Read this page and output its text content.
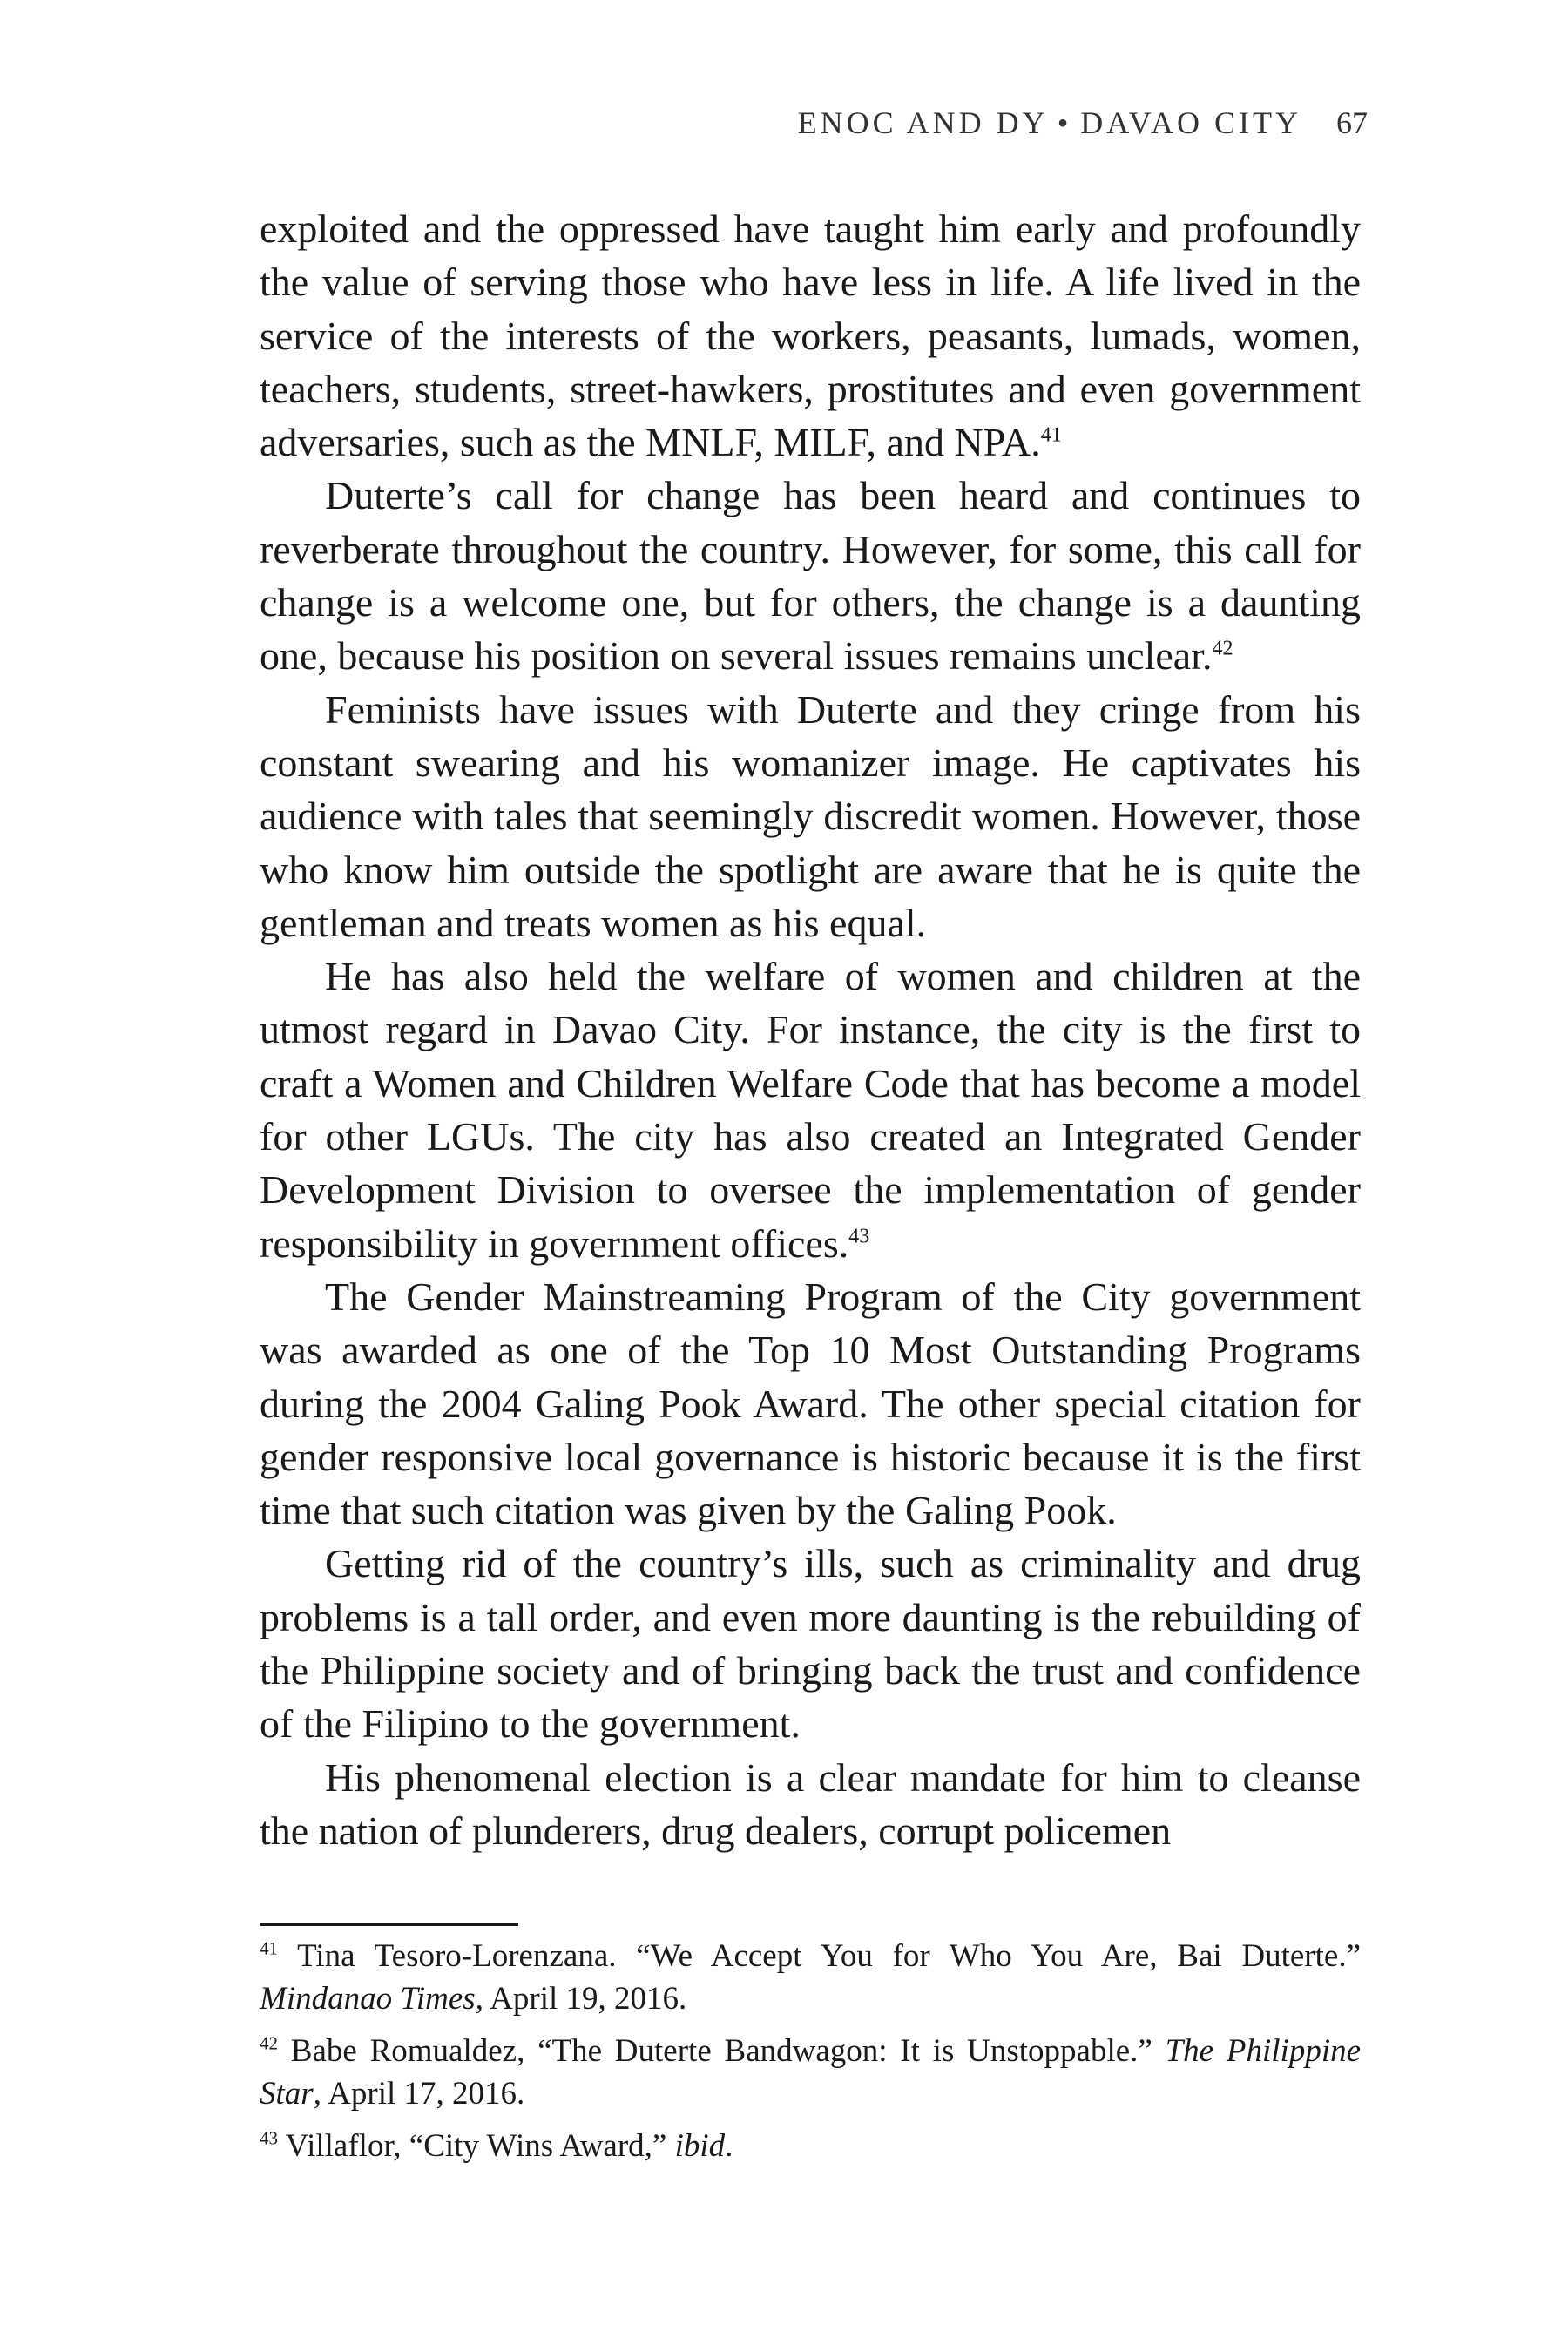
ENOC AND DY • DAVAO CITY 67

exploited and the oppressed have taught him early and profoundly the value of serving those who have less in life. A life lived in the service of the interests of the workers, peasants, lumads, women, teachers, students, street-hawkers, prostitutes and even government adversaries, such as the MNLF, MILF, and NPA.$^{41}$

Duterte’s call for change has been heard and continues to reverberate throughout the country. However, for some, this call for change is a welcome one, but for others, the change is a daunting one, because his position on several issues remains unclear.$^{42}$

Feminists have issues with Duterte and they cringe from his constant swearing and his womanizer image. He captivates his audience with tales that seemingly discredit women. However, those who know him outside the spotlight are aware that he is quite the gentleman and treats women as his equal.

He has also held the welfare of women and children at the utmost regard in Davao City. For instance, the city is the first to craft a Women and Children Welfare Code that has become a model for other LGUs. The city has also created an Integrated Gender Development Division to oversee the implementation of gender responsibility in government offices.$^{43}$

The Gender Mainstreaming Program of the City government was awarded as one of the Top 10 Most Outstanding Programs during the 2004 Galing Pook Award. The other special citation for gender responsive local governance is historic because it is the first time that such citation was given by the Galing Pook.

Getting rid of the country’s ills, such as criminality and drug problems is a tall order, and even more daunting is the rebuilding of the Philippine society and of bringing back the trust and confidence of the Filipino to the government.

His phenomenal election is a clear mandate for him to cleanse the nation of plunderers, drug dealers, corrupt policemen

$^{41}$ Tina Tesoro-Lorenzana. “We Accept You for Who You Are, Bai Duterte.” Mindanao Times, April 19, 2016.

$^{42}$ Babe Romualdez, “The Duterte Bandwagon: It is Unstoppable.” The Philippine Star, April 17, 2016.

$^{43}$ Villaflor, “City Wins Award,” ibid.
